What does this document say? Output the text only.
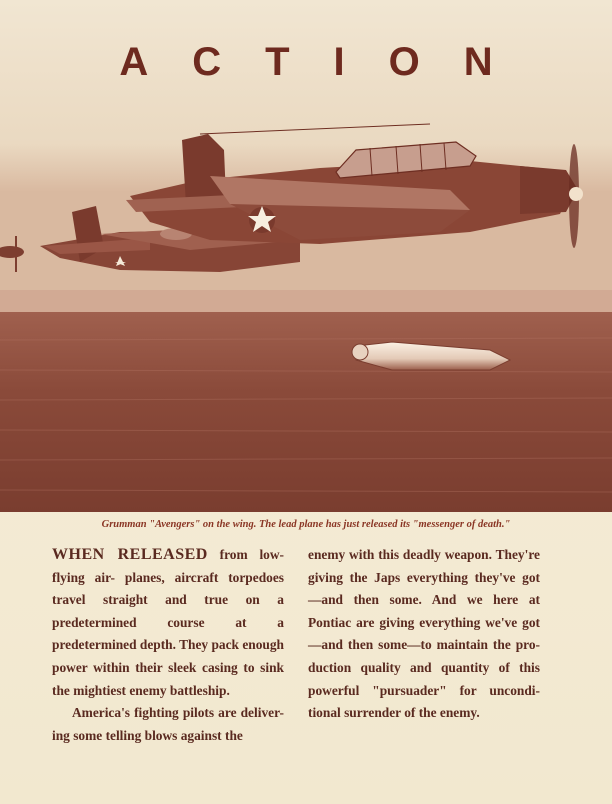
ACTION
Grumman "Avengers" on the wing. The lead plane has just released its "messenger of death."

WHEN RELEASED from low-flying air- planes, aircraft torpedoes travel straight and true on a predetermined course at a predetermined depth. They pack enough power within their sleek casing to sink the mightiest enemy battleship.

America's fighting pilots are deliver- ing some telling blows against the

enemy with this deadly weapon. They're giving the Japs everything they've got —and then some. And we here at Pontiac are giving everything we've got —and then some—to maintain the pro- duction quality and quantity of this powerful "pursuader" for uncondi- tional surrender of the enemy.
